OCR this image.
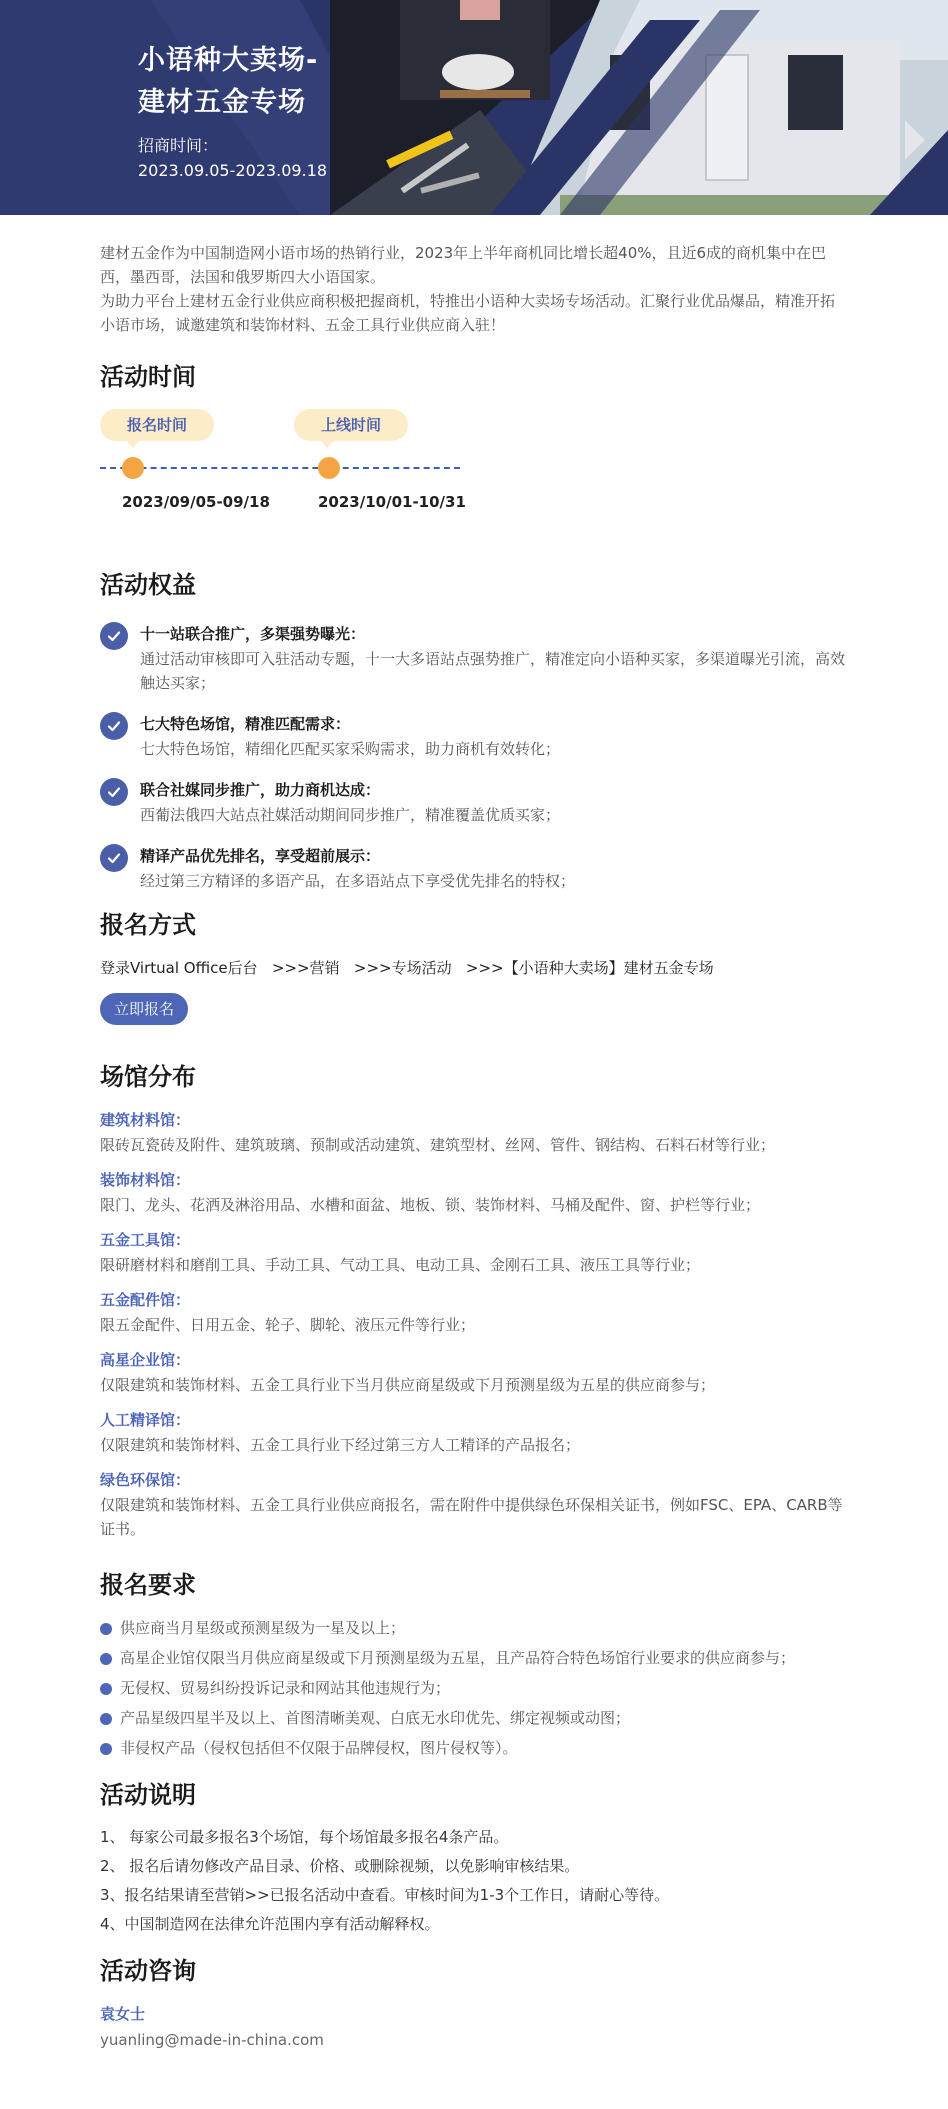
小语种大卖场-
建材五金专场
招商时间：
2023.09.05-2023.09.18

建材五金作为中国制造网小语市场的热销行业，2023年上半年商机同比增长超40%，且近6成的商机集中在巴西，墨西哥，法国和俄罗斯四大小语国家。

为助力平台上建材五金行业供应商积极把握商机，特推出小语种大卖场专场活动。汇聚行业优品爆品，精准开拓小语市场，诚邀建筑和装饰材料、五金工具行业供应商入驻！

活动时间
报名时间
2023/09/05-09/18
上线时间
2023/10/01-10/31
活动权益
十一站联合推广，多渠强势曝光：
通过活动审核即可入驻活动专题，十一大多语站点强势推广，精准定向小语种买家，多渠道曝光引流，高效触达买家；
七大特色场馆，精准匹配需求：
七大特色场馆，精细化匹配买家采购需求，助力商机有效转化；
联合社媒同步推广，助力商机达成：
西葡法俄四大站点社媒活动期间同步推广，精准覆盖优质买家；
精译产品优先排名，享受超前展示：
经过第三方精译的多语产品，在多语站点下享受优先排名的特权；
报名方式
登录Virtual Office后台   >>>营销   >>>专场活动   >>>【小语种大卖场】建材五金专场
立即报名
场馆分布
建筑材料馆：
限砖瓦瓷砖及附件、建筑玻璃、预制或活动建筑、建筑型材、丝网、管件、钢结构、石料石材等行业；
装饰材料馆：
限门、龙头、花洒及淋浴用品、水槽和面盆、地板、锁、装饰材料、马桶及配件、窗、护栏等行业；
五金工具馆：
限研磨材料和磨削工具、手动工具、气动工具、电动工具、金刚石工具、液压工具等行业；
五金配件馆：
限五金配件、日用五金、轮子、脚轮、液压元件等行业；
高星企业馆：
仅限建筑和装饰材料、五金工具行业下当月供应商星级或下月预测星级为五星的供应商参与；
人工精译馆：
仅限建筑和装饰材料、五金工具行业下经过第三方人工精译的产品报名；
绿色环保馆：
仅限建筑和装饰材料、五金工具行业供应商报名，需在附件中提供绿色环保相关证书，例如FSC、EPA、CARB等证书。
报名要求
供应商当月星级或预测星级为一星及以上；
高星企业馆仅限当月供应商星级或下月预测星级为五星，且产品符合特色场馆行业要求的供应商参与；
无侵权、贸易纠纷投诉记录和网站其他违规行为；
产品星级四星半及以上、首图清晰美观、白底无水印优先、绑定视频或动图；
非侵权产品（侵权包括但不仅限于品牌侵权，图片侵权等）。
活动说明
1、 每家公司最多报名3个场馆，每个场馆最多报名4条产品。
2、 报名后请勿修改产品目录、价格、或删除视频，以免影响审核结果。
3、报名结果请至营销>>已报名活动中查看。审核时间为1-3个工作日，请耐心等待。
4、中国制造网在法律允许范围内享有活动解释权。
活动咨询
袁女士
yuanling@made-in-china.com
